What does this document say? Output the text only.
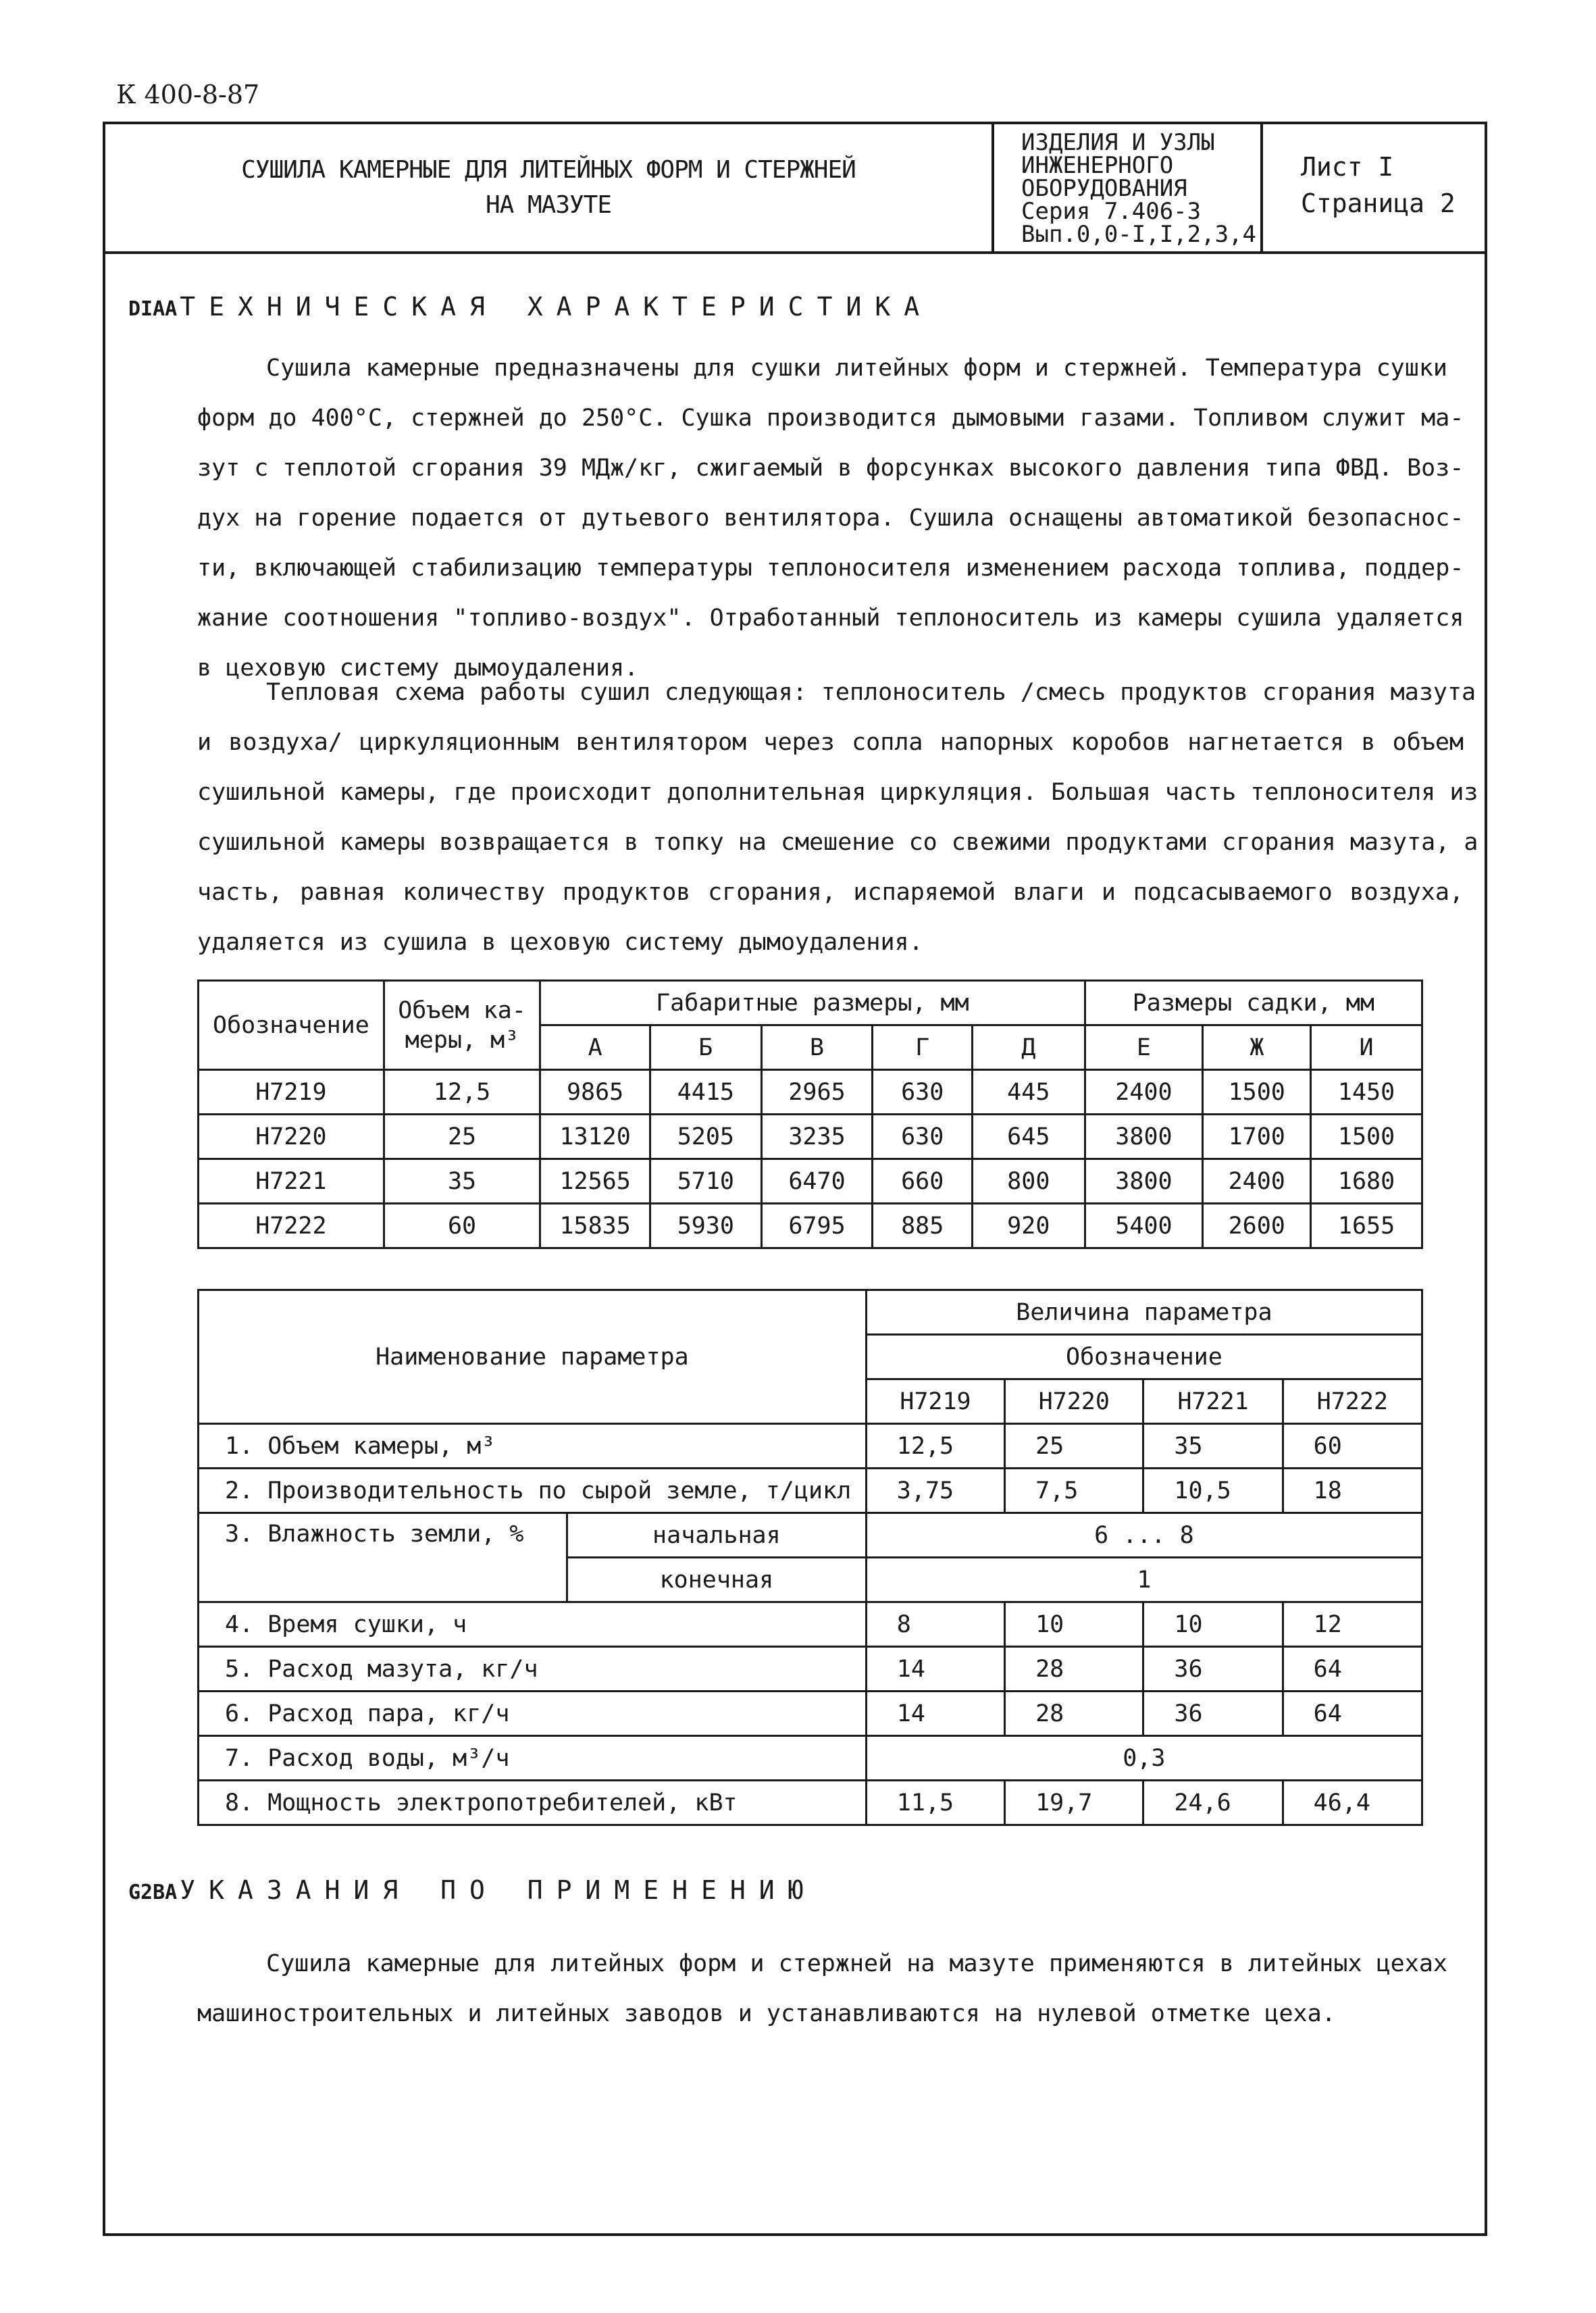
К 400-8-87
СУШИЛА КАМЕРНЫЕ ДЛЯ ЛИТЕЙНЫХ ФОРМ И СТЕРЖНЕЙ
НА МАЗУТЕ
ИЗДЕЛИЯ И УЗЛЫ
ИНЖЕНЕРНОГО
ОБОРУДОВАНИЯ
Серия 7.406-3
Вып.0,0-I,I,2,3,4
Лист I
Страница 2
DIAA ТЕХНИЧЕСКАЯ ХАРАКТЕРИСТИКА
Сушила камерные предназначены для сушки литейных форм и стержней. Температура сушки
форм до 400°С, стержней до 250°С. Сушка производится дымовыми газами. Топливом служит ма-
зут с теплотой сгорания 39 МДж/кг, сжигаемый в форсунках высокого давления типа ФВД. Воз-
дух на горение подается от дутьевого вентилятора. Сушила оснащены автоматикой безопаснос-
ти, включающей стабилизацию температуры теплоносителя изменением расхода топлива, поддер-
жание соотношения "топливо-воздух". Отработанный теплоноситель из камеры сушила удаляется
в цеховую систему дымоудаления.
Тепловая схема работы сушил следующая: теплоноситель /смесь продуктов сгорания мазута
и воздуха/ циркуляционным вентилятором через сопла напорных коробов нагнетается в объем
сушильной камеры, где происходит дополнительная циркуляция. Большая часть теплоносителя из
сушильной камеры возвращается в топку на смешение со свежими продуктами сгорания мазута, а
часть, равная количеству продуктов сгорания, испаряемой влаги и подсасываемого воздуха,
удаляется из сушила в цеховую систему дымоудаления.
Обозначение	Объем ка- меры, м³	Габаритные размеры, мм					Размеры садки, мм		
		А	Б	В	Г	Д	Е	Ж	И
Н7219	12,5	9865	4415	2965	630	445	2400	1500	1450
Н7220	25	13120	5205	3235	630	645	3800	1700	1500
Н7221	35	12565	5710	6470	660	800	3800	2400	1680
Н7222	60	15835	5930	6795	885	920	5400	2600	1655
Наименование параметра		Величина параметра			
		Обозначение			
		Н7219	Н7220	Н7221	Н7222
1. Объем камеры, м³		12,5	25	35	60
2. Производительность по сырой земле, т/цикл		3,75	7,5	10,5	18
3. Влажность земли, %	начальная	6 ... 8			
	конечная	1			
4. Время сушки, ч		8	10	10	12
5. Расход мазута, кг/ч		14	28	36	64
6. Расход пара, кг/ч		14	28	36	64
7. Расход воды, м³/ч		0,3			
8. Мощность электропотребителей, кВт		11,5	19,7	24,6	46,4
G2BA УКАЗАНИЯ ПО ПРИМЕНЕНИЮ
Сушила камерные для литейных форм и стержней на мазуте применяются в литейных цехах
машиностроительных и литейных заводов и устанавливаются на нулевой отметке цеха.
